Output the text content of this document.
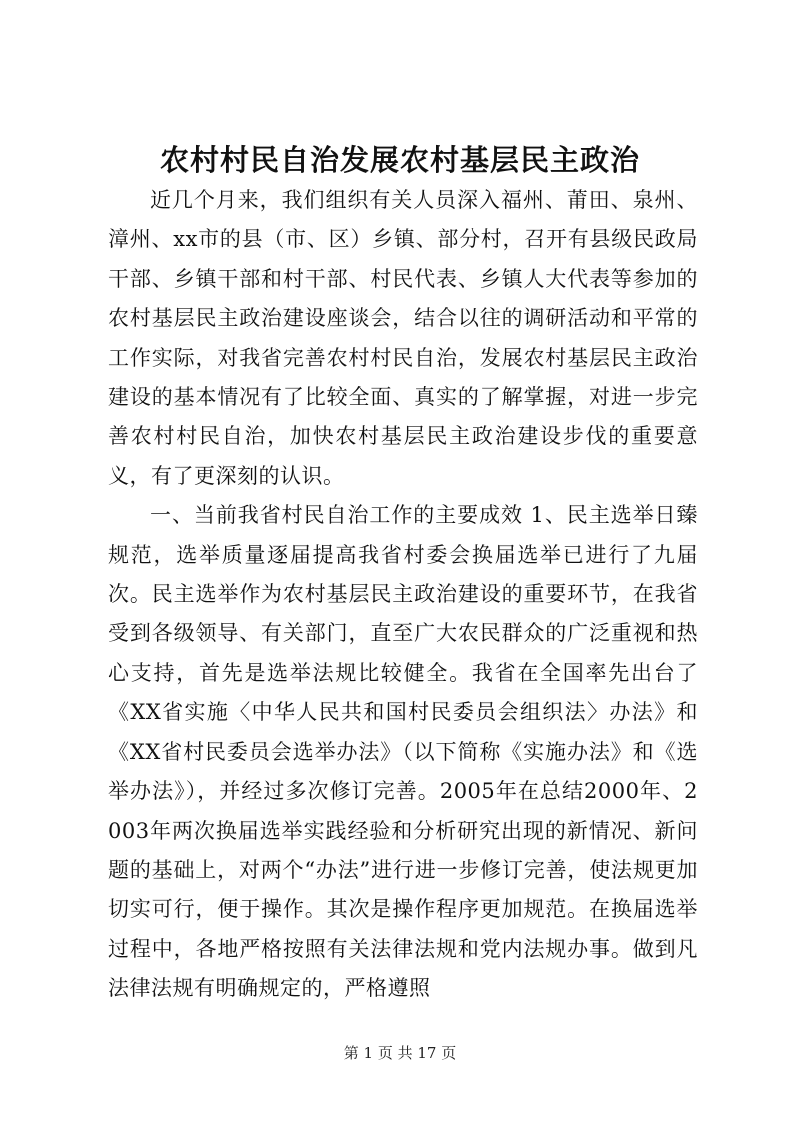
农村村民自治发展农村基层民主政治

近几个月来，我们组织有关人员深入福州、莆田、泉州、漳州、xx市的县（市、区）乡镇、部分村，召开有县级民政局干部、乡镇干部和村干部、村民代表、乡镇人大代表等参加的农村基层民主政治建设座谈会，结合以往的调研活动和平常的工作实际，对我省完善农村村民自治，发展农村基层民主政治建设的基本情况有了比较全面、真实的了解掌握，对进一步完善农村村民自治，加快农村基层民主政治建设步伐的重要意义，有了更深刻的认识。

一、当前我省村民自治工作的主要成效 1、民主选举日臻规范，选举质量逐届提高我省村委会换届选举已进行了九届次。民主选举作为农村基层民主政治建设的重要环节，在我省受到各级领导、有关部门，直至广大农民群众的广泛重视和热心支持，首先是选举法规比较健全。我省在全国率先出台了《XX省实施〈中华人民共和国村民委员会组织法〉办法》和《XX省村民委员会选举办法》（以下简称《实施办法》和《选举办法》），并经过多次修订完善。2005年在总结2000年、2003年两次换届选举实践经验和分析研究出现的新情况、新问题的基础上，对两个“办法”进行进一步修订完善，使法规更加切实可行，便于操作。其次是操作程序更加规范。在换届选举过程中，各地严格按照有关法律法规和党内法规办事。做到凡法律法规有明确规定的，严格遵照

第 1 页 共 17 页
